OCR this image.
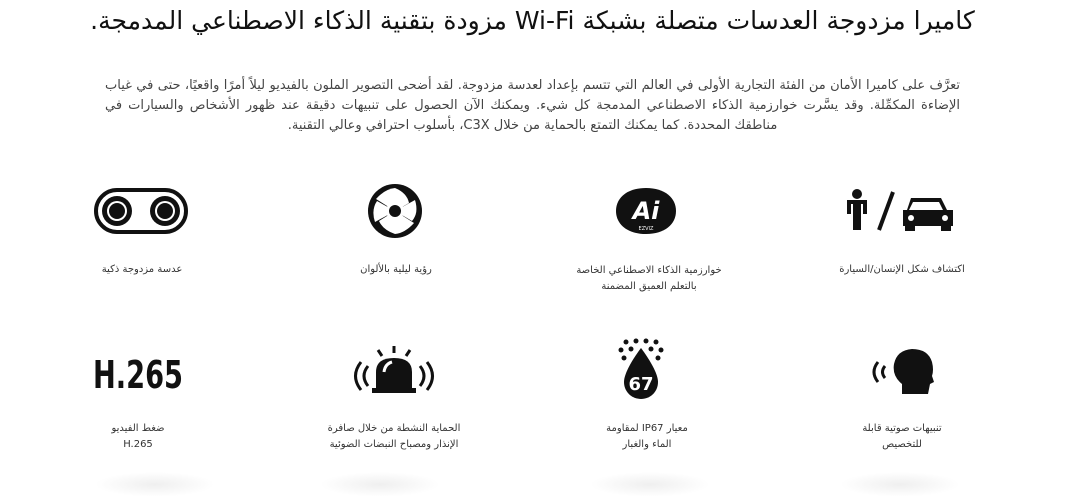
كاميرا مزدوجة العدسات متصلة بشبكة Wi-Fi مزودة بتقنية الذكاء الاصطناعي المدمجة.
تعرَّف على كاميرا الأمان من الفئة التجارية الأولى في العالم التي تتسم بإعداد لعدسة مزدوجة. لقد أضحى التصوير الملون بالفيديو ليلاً أمرًا واقعيًا، حتى في غياب الإضاءة المكمِّلة. وقد يسَّرت خوارزمية الذكاء الاصطناعي المدمجة كل شيء. ويمكنك الآن الحصول على تنبيهات دقيقة عند ظهور الأشخاص والسيارات في مناطقك المحددة. كما يمكنك التمتع بالحماية من خلال C3X، بأسلوب احترافي وعالي التقنية.
عدسة مزدوجة ذكية	رؤية ليلية بالألوان
Ai
EZVIZ
خوارزمية الذكاء الاصطناعي الخاصة
بالتعلم العميق المضمنة
اكتشاف شكل الإنسان/السيارة
H.265
ضغط الفيديو
H.265
الحماية النشطة من خلال صافرة
الإنذار ومصباح النبضات الضوئية
67
معيار IP67 لمقاومة
الماء والغبار
تنبيهات صوتية قابلة
للتخصيص
